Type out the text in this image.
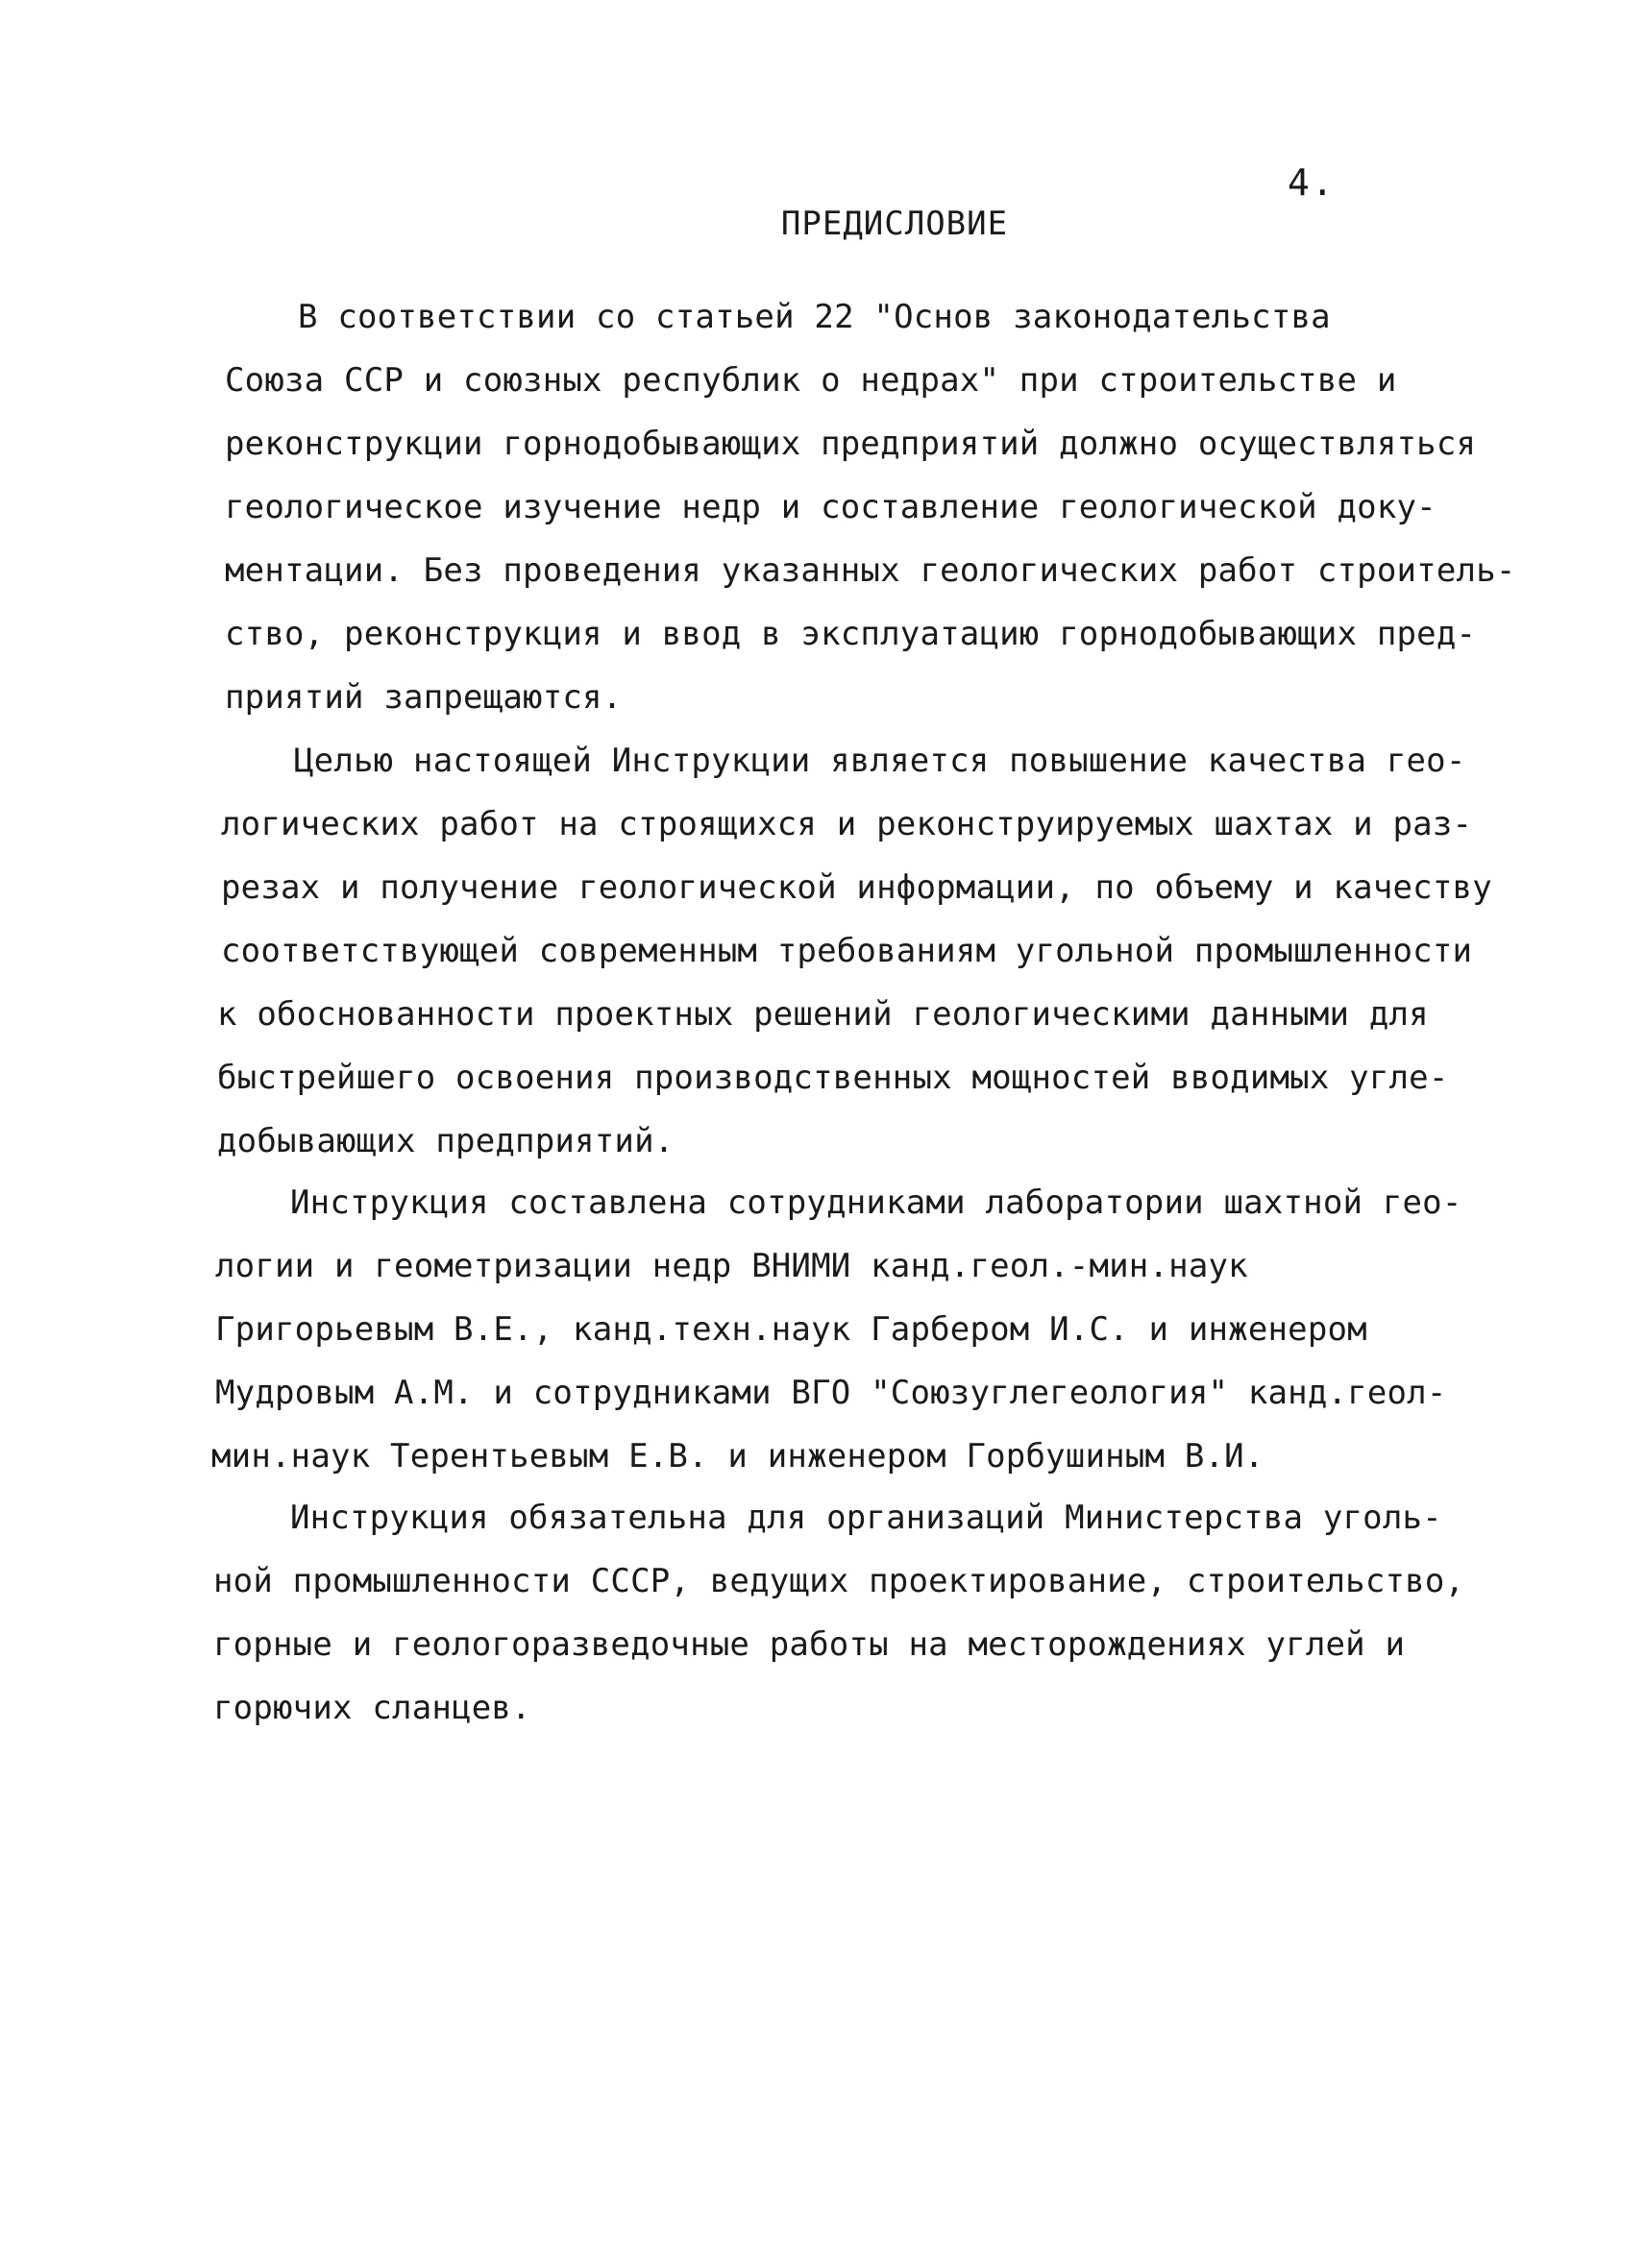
4.
ПРЕДИСЛОВИЕ
В соответствии со статьей 22 "Основ законодательства
Союза ССР и союзных республик о недрах" при строительстве и
реконструкции горнодобывающих предприятий должно осуществляться
геологическое изучение недр и составление геологической доку-
ментации. Без проведения указанных геологических работ строитель-
ство, реконструкция и ввод в эксплуатацию горнодобывающих пред-
приятий запрещаются.
Целью настоящей Инструкции является повышение качества гео-
логических работ на строящихся и реконструируемых шахтах и раз-
резах и получение геологической информации, по объему и качеству
соответствующей современным требованиям угольной промышленности
к обоснованности проектных решений геологическими данными для
быстрейшего освоения производственных мощностей вводимых угле-
добывающих предприятий.
Инструкция составлена сотрудниками лаборатории шахтной гео-
логии и геометризации недр ВНИМИ канд.геол.-мин.наук
Григорьевым В.Е., канд.техн.наук Гарбером И.С. и инженером
Мудровым А.М. и сотрудниками ВГО "Союзуглегеология" канд.геол-
мин.наук Терентьевым Е.В. и инженером Горбушиным В.И.
Инструкция обязательна для организаций Министерства уголь-
ной промышленности СССР, ведущих проектирование, строительство,
горные и геологоразведочные работы на месторождениях углей и
горючих сланцев.
